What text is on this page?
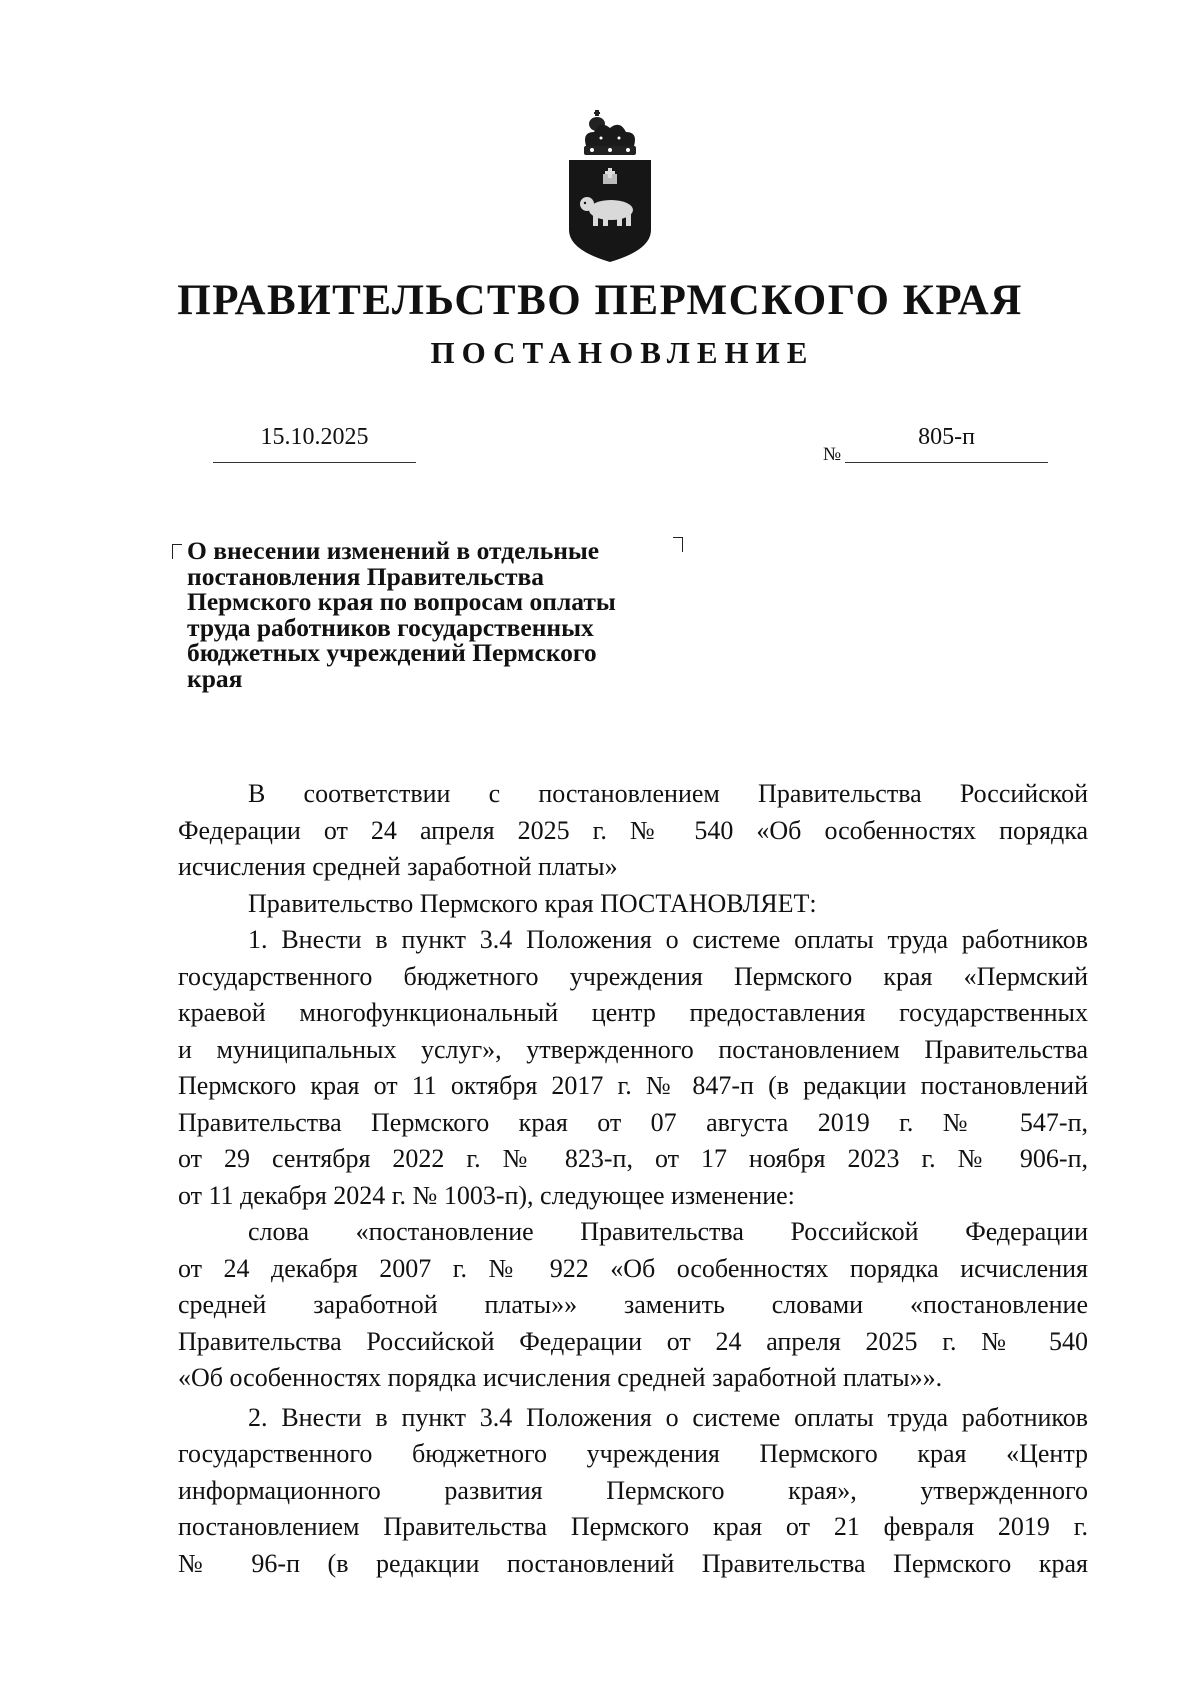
ПРАВИТЕЛЬСТВО ПЕРМСКОГО КРАЯ
ПОСТАНОВЛЕНИЕ
15.10.2025
№
805-п
О внесении изменений в отдельные
постановления Правительства
Пермского края по вопросам оплаты
труда работников государственных
бюджетных учреждений Пермского
края
В соответствии с постановлением Правительства Российской
Федерации от 24 апреля 2025 г. № 540 «Об особенностях порядка
исчисления средней заработной платы»
Правительство Пермского края ПОСТАНОВЛЯЕТ:
1. Внести в пункт 3.4 Положения о системе оплаты труда работников
государственного бюджетного учреждения Пермского края «Пермский
краевой многофункциональный центр предоставления государственных
и муниципальных услуг», утвержденного постановлением Правительства
Пермского края от 11 октября 2017 г. № 847-п (в редакции постановлений
Правительства Пермского края от 07 августа 2019 г. № 547-п,
от 29 сентября 2022 г. № 823-п, от 17 ноября 2023 г. № 906-п,
от 11 декабря 2024 г. № 1003-п), следующее изменение:
слова «постановление Правительства Российской Федерации
от 24 декабря 2007 г. № 922 «Об особенностях порядка исчисления
средней заработной платы»» заменить словами «постановление
Правительства Российской Федерации от 24 апреля 2025 г. № 540
«Об особенностях порядка исчисления средней заработной платы»».
2. Внести в пункт 3.4 Положения о системе оплаты труда работников
государственного бюджетного учреждения Пермского края «Центр
информационного развития Пермского края», утвержденного
постановлением Правительства Пермского края от 21 февраля 2019 г.
№ 96-п (в редакции постановлений Правительства Пермского края
